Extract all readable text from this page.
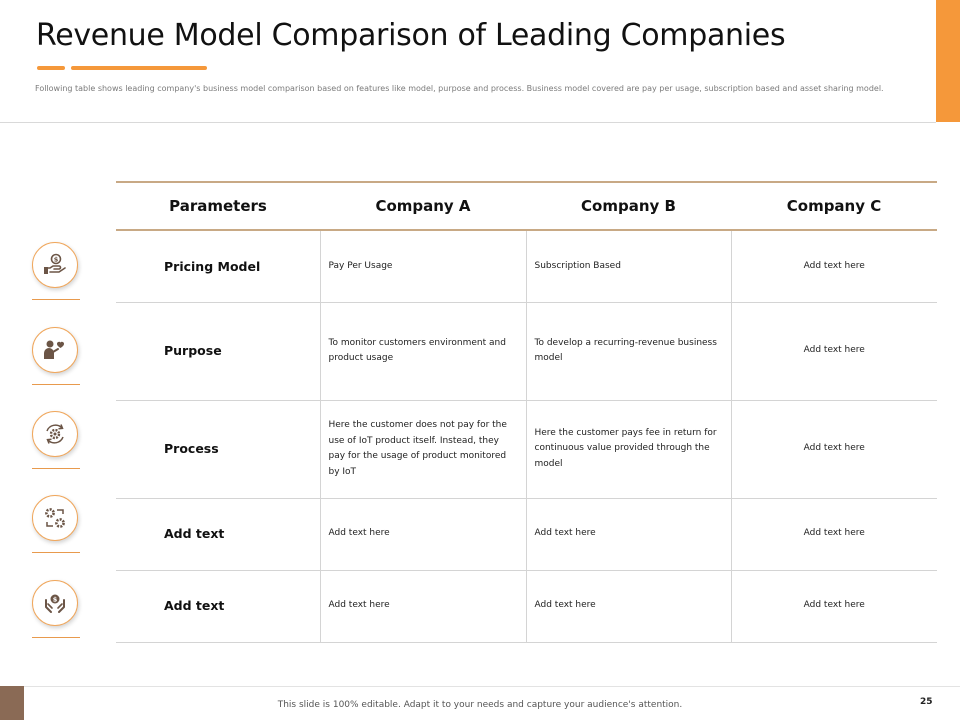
Revenue Model Comparison of Leading Companies

Following table shows leading company's business model comparison based on features like model, purpose and process. Business model covered are pay per usage, subscription based and asset sharing model.

$
$
Parameters	Company A	Company B	Company C
Pricing Model	Pay Per Usage	Subscription Based	Add text here
Purpose	To monitor customers environment and product usage	To develop a recurring-revenue business model	Add text here
Process	Here the customer does not pay for the use of IoT product itself. Instead, they pay for the usage of product monitored by IoT	Here the customer pays fee in return for continuous value provided through the model	Add text here
Add text	Add text here	Add text here	Add text here
Add text	Add text here	Add text here	Add text here

This slide is 100% editable. Adapt it to your needs and capture your audience's attention.	25
